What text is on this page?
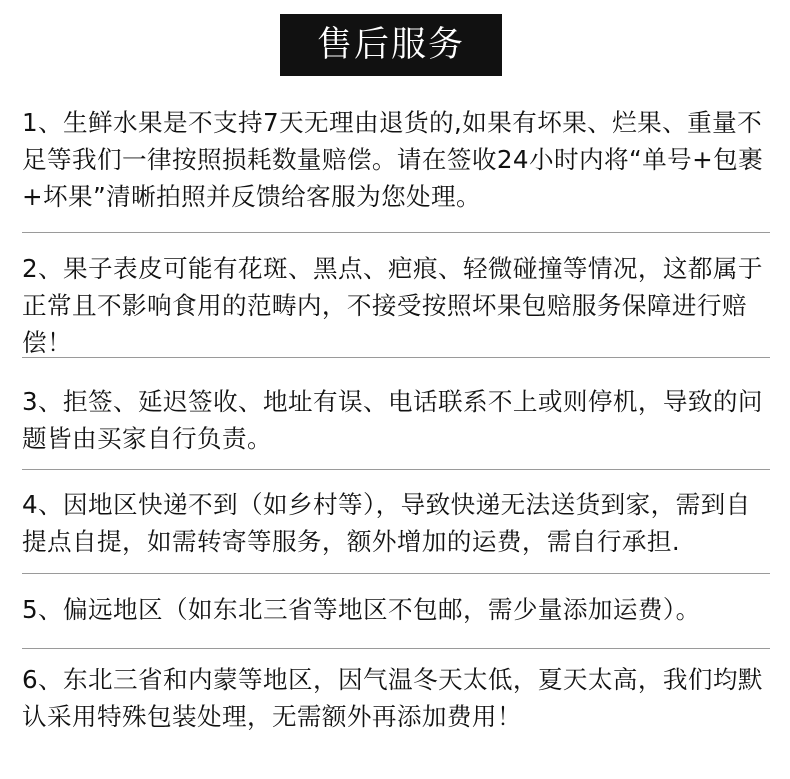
售后服务

1、生鲜水果是不支持7天无理由退货的,如果有坏果、烂果、重量不足等我们一律按照损耗数量赔偿。请在签收24小时内将“单号+包裹+坏果”清晰拍照并反馈给客服为您处理。

2、果子表皮可能有花斑、黑点、疤痕、轻微碰撞等情况，这都属于正常且不影响食用的范畴内，不接受按照坏果包赔服务保障进行赔偿！

3、拒签、延迟签收、地址有误、电话联系不上或则停机，导致的问题皆由买家自行负责。

4、因地区快递不到（如乡村等），导致快递无法送货到家，需到自提点自提，如需转寄等服务，额外增加的运费，需自行承担.

5、偏远地区（如东北三省等地区不包邮，需少量添加运费）。

6、东北三省和内蒙等地区，因气温冬天太低，夏天太高，我们均默认采用特殊包装处理，无需额外再添加费用！
